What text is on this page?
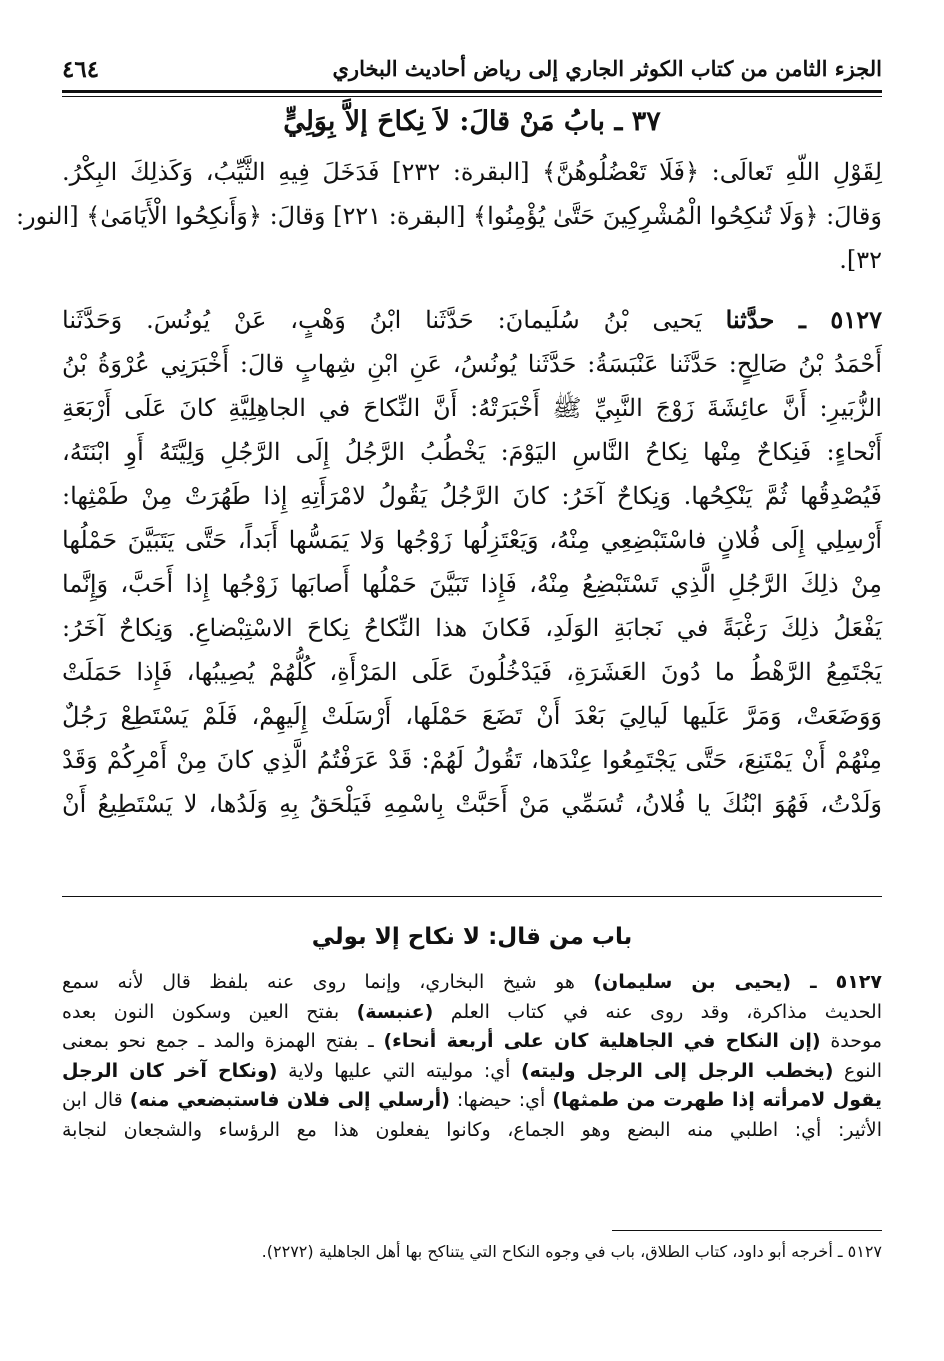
الجزء الثامن من كتاب الكوثر الجاري إلى رياض أحاديث البخاري
٤٦٤
٣٧ ـ بابُ مَنْ قالَ: لاَ نِكاحَ إلاَّ بِوَلِيٍّ
لِقَوْلِ اللّهِ تَعالَى: ﴿فَلَا تَعْضُلُوهُنَّ﴾ [البقرة: ٢٣٢] فَدَخَلَ فِيهِ الثَّيِّبُ، وَكَذلِكَ البِكْرُ.
وَقالَ: ﴿وَلَا تُنكِحُوا الْمُشْرِكِينَ حَتَّىٰ يُؤْمِنُوا﴾ [البقرة: ٢٢١] وَقالَ: ﴿وَأَنكِحُوا الْأَيَامَىٰ﴾ [النور:
٣٢].
٥١٢٧ ـ حدَّثنا يَحيى بْنُ سُلَيمانَ: حَدَّثَنا ابْنُ وَهْبٍ، عَنْ يُونُسَ. وَحَدَّثَنا
أَحْمَدُ بْنُ صَالِحٍ: حَدَّثَنا عَنْبَسَةُ: حَدَّثَنا يُونُسُ، عَنِ ابْنِ شِهابٍ قالَ: أَخْبَرَنِي عُرْوَةُ بْنُ
الزُّبَيرِ: أَنَّ عائِشَةَ زَوْجَ النَّبِيِّ ﷺ أَخْبَرَتْهُ: أَنَّ النِّكاحَ في الجاهِلِيَّةِ كانَ عَلَى أَرْبَعَةِ
أَنْحاءٍ: فَنِكاحٌ مِنْها نِكاحُ النَّاسِ اليَوْمَ: يَخْطُبُ الرَّجُلُ إِلَى الرَّجُلِ وَلِيَّتَهُ أَوِ ابْنَتَهُ،
فَيُصْدِقُها ثُمَّ يَنْكِحُها. وَنِكاحٌ آخَرُ: كانَ الرَّجُلُ يَقُولُ لامْرَأَتِهِ إِذا طَهُرَتْ مِنْ طَمْثِها:
أَرْسِلِي إِلَى فُلانٍ فاسْتَبْضِعِي مِنْهُ، وَيَعْتَزِلُها زَوْجُها وَلا يَمَسُّها أَبَداً، حَتَّى يَتَبَيَّنَ حَمْلُها
مِنْ ذلِكَ الرَّجُلِ الَّذِي تَسْتَبْضِعُ مِنْهُ، فَإِذا تَبَيَّنَ حَمْلُها أَصابَها زَوْجُها إِذا أَحَبَّ، وَإِنَّما
يَفْعَلُ ذلِكَ رَغْبَةً في نَجابَةِ الوَلَدِ، فَكانَ هذا النِّكاحُ نِكاحَ الاسْتِبْضاعِ. وَنِكاحٌ آخَرُ:
يَجْتَمِعُ الرَّهْطُ ما دُونَ العَشَرَةِ، فَيَدْخُلُونَ عَلَى المَرْأَةِ، كُلُّهُمْ يُصِيبُها، فَإِذا حَمَلَتْ
وَوَضَعَتْ، وَمَرَّ عَلَيها لَيالِيَ بَعْدَ أَنْ تَضَعَ حَمْلَها، أَرْسَلَتْ إِلَيهِمْ، فَلَمْ يَسْتَطِعْ رَجُلٌ
مِنْهُمْ أَنْ يَمْتَنِعَ، حَتَّى يَجْتَمِعُوا عِنْدَها، تَقُولُ لَهُمْ: قَدْ عَرَفْتُمُ الَّذِي كانَ مِنْ أَمْرِكُمْ وَقَدْ
وَلَدْتُ، فَهُوَ ابْنُكَ يا فُلانُ، تُسَمِّي مَنْ أَحَبَّتْ بِاسْمِهِ فَيَلْحَقُ بِهِ وَلَدُها، لا يَسْتَطِيعُ أَنْ
باب من قال: لا نكاح إلا بولي
٥١٢٧ ـ (يحيى بن سليمان) هو شيخ البخاري، وإنما روى عنه بلفظ قال لأنه سمع
الحديث مذاكرة، وقد روى عنه في كتاب العلم (عنبسة) بفتح العين وسكون النون بعده
موحدة (إن النكاح في الجاهلية كان على أربعة أنحاء) ـ بفتح الهمزة والمد ـ جمع نحو بمعنى
النوع (يخطب الرجل إلى الرجل وليته) أي: موليته التي عليها ولاية (ونكاح آخر كان الرجل
يقول لامرأته إذا طهرت من طمثها) أي: حيضها: (أرسلي إلى فلان فاستبضعي منه) قال ابن
الأثير: أي: اطلبي منه البضع وهو الجماع، وكانوا يفعلون هذا مع الرؤساء والشجعان لنجابة
٥١٢٧ ـ أخرجه أبو داود، كتاب الطلاق، باب في وجوه النكاح التي يتناكح بها أهل الجاهلية (٢٢٧٢).
